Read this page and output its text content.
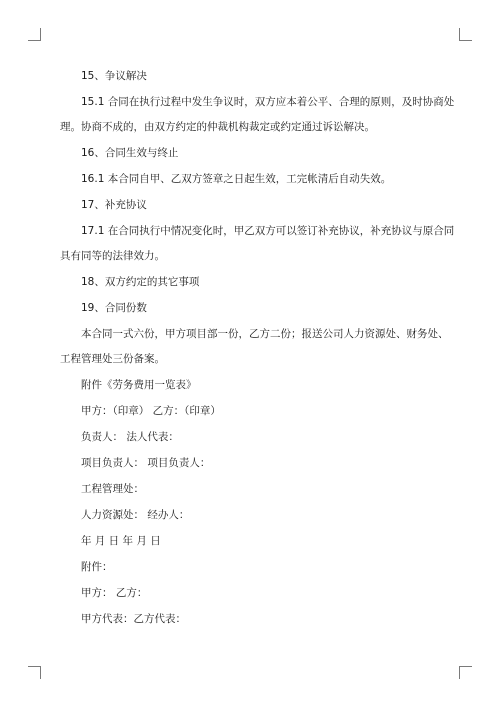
15、争议解决

15.1 合同在执行过程中发生争议时，双方应本着公平、合理的原则，及时协商处

理。协商不成的，由双方约定的仲裁机构裁定或约定通过诉讼解决。

16、合同生效与终止

16.1 本合同自甲、乙双方签章之日起生效，工完帐清后自动失效。

17、补充协议

17.1 在合同执行中情况变化时，甲乙双方可以签订补充协议，补充协议与原合同

具有同等的法律效力。

18、双方约定的其它事项

19、合同份数

本合同一式六份，甲方项目部一份，乙方二份；报送公司人力资源处、财务处、

工程管理处三份备案。

附件《劳务费用一览表》

甲方：（印章） 乙方：（印章）

负责人： 法人代表：

项目负责人： 项目负责人：

工程管理处：

人力资源处： 经办人：

年 月 日 年 月 日

附件：

甲方： 乙方：

甲方代表：乙方代表：
